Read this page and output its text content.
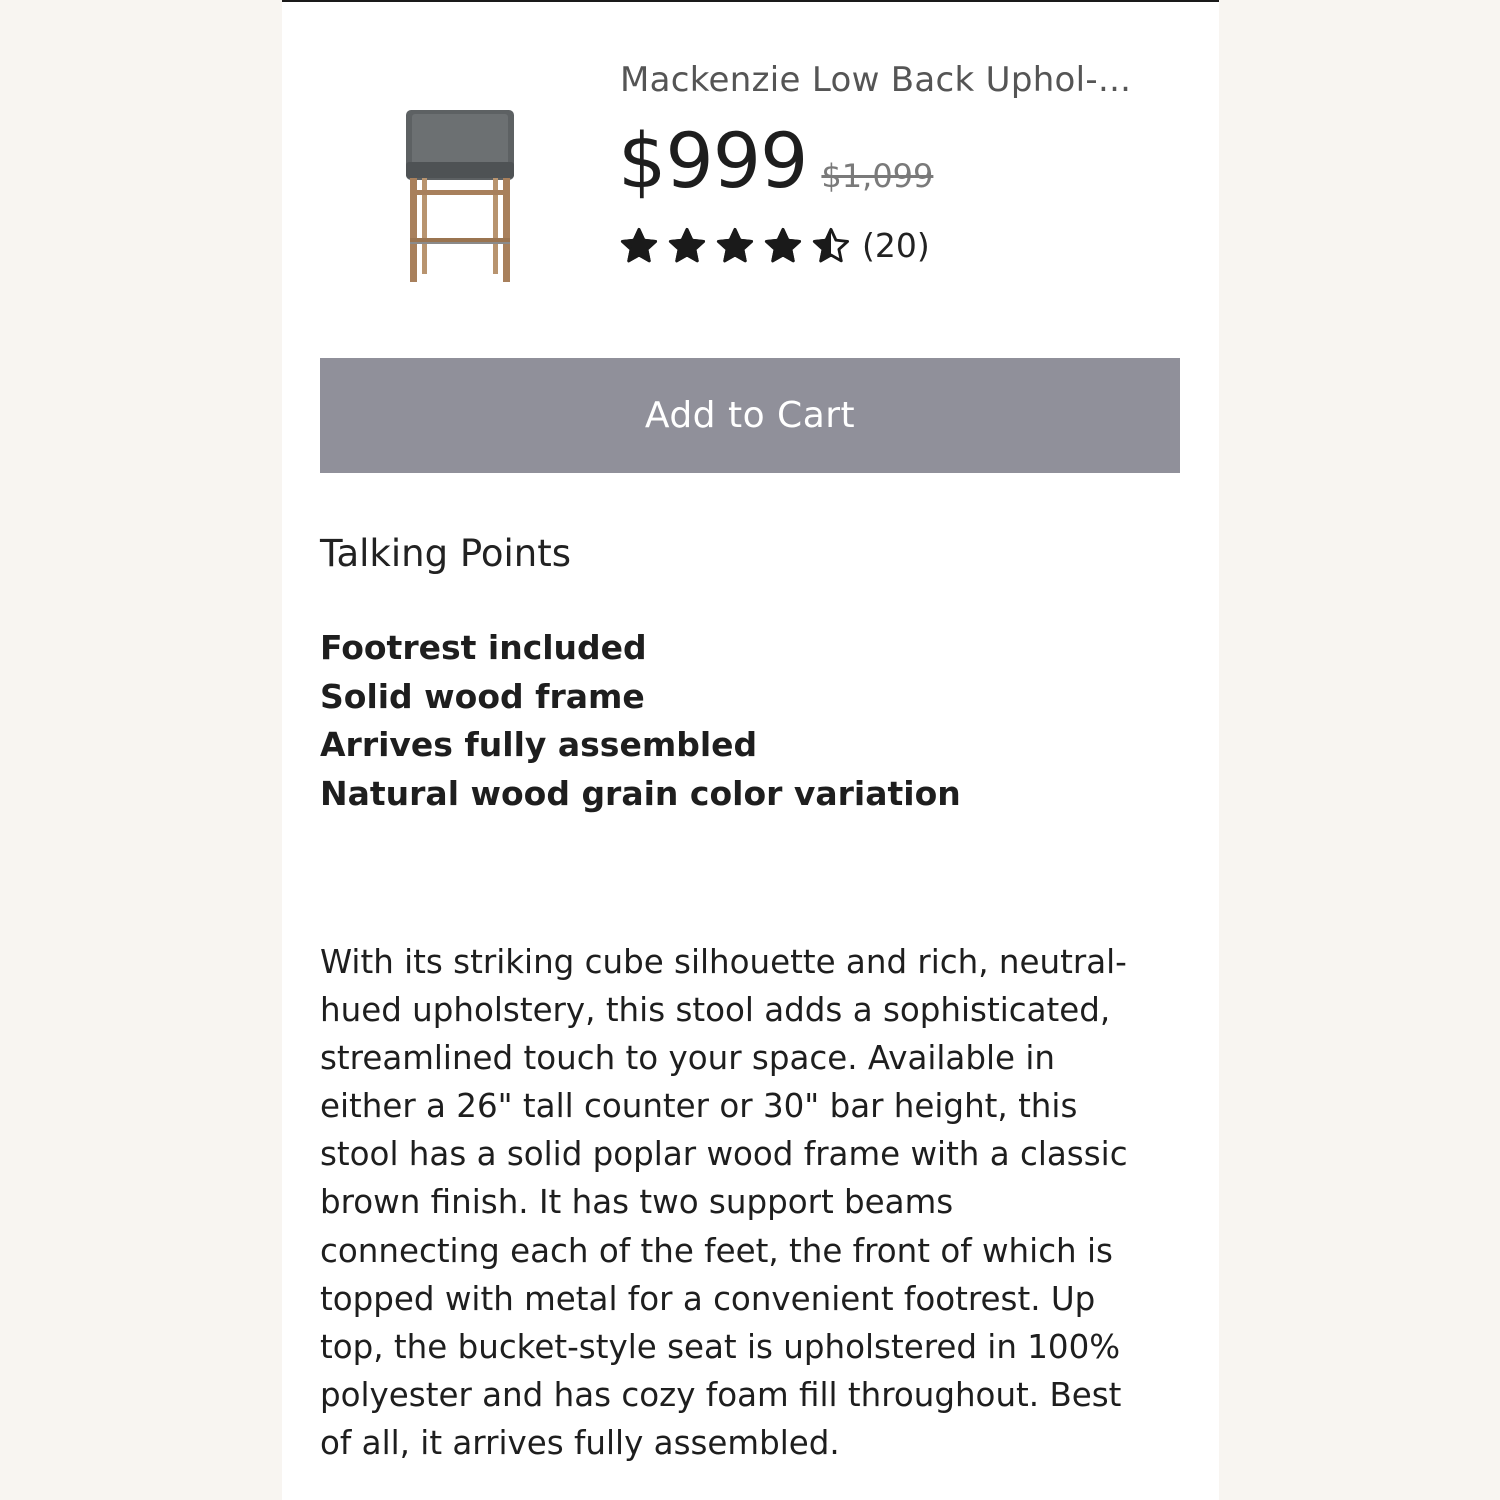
Mackenzie Low Back Uphol-...
$999 $1,099
(20)
Add to Cart
Talking Points
Footrest included
Solid wood frame
Arrives fully assembled
Natural wood grain color variation

With its striking cube silhouette and rich, neutral-
hued upholstery, this stool adds a sophisticated,
streamlined touch to your space. Available in
either a 26" tall counter or 30" bar height, this
stool has a solid poplar wood frame with a classic
brown finish. It has two support beams
connecting each of the feet, the front of which is
topped with metal for a convenient footrest. Up
top, the bucket-style seat is upholstered in 100%
polyester and has cozy foam fill throughout. Best
of all, it arrives fully assembled.
